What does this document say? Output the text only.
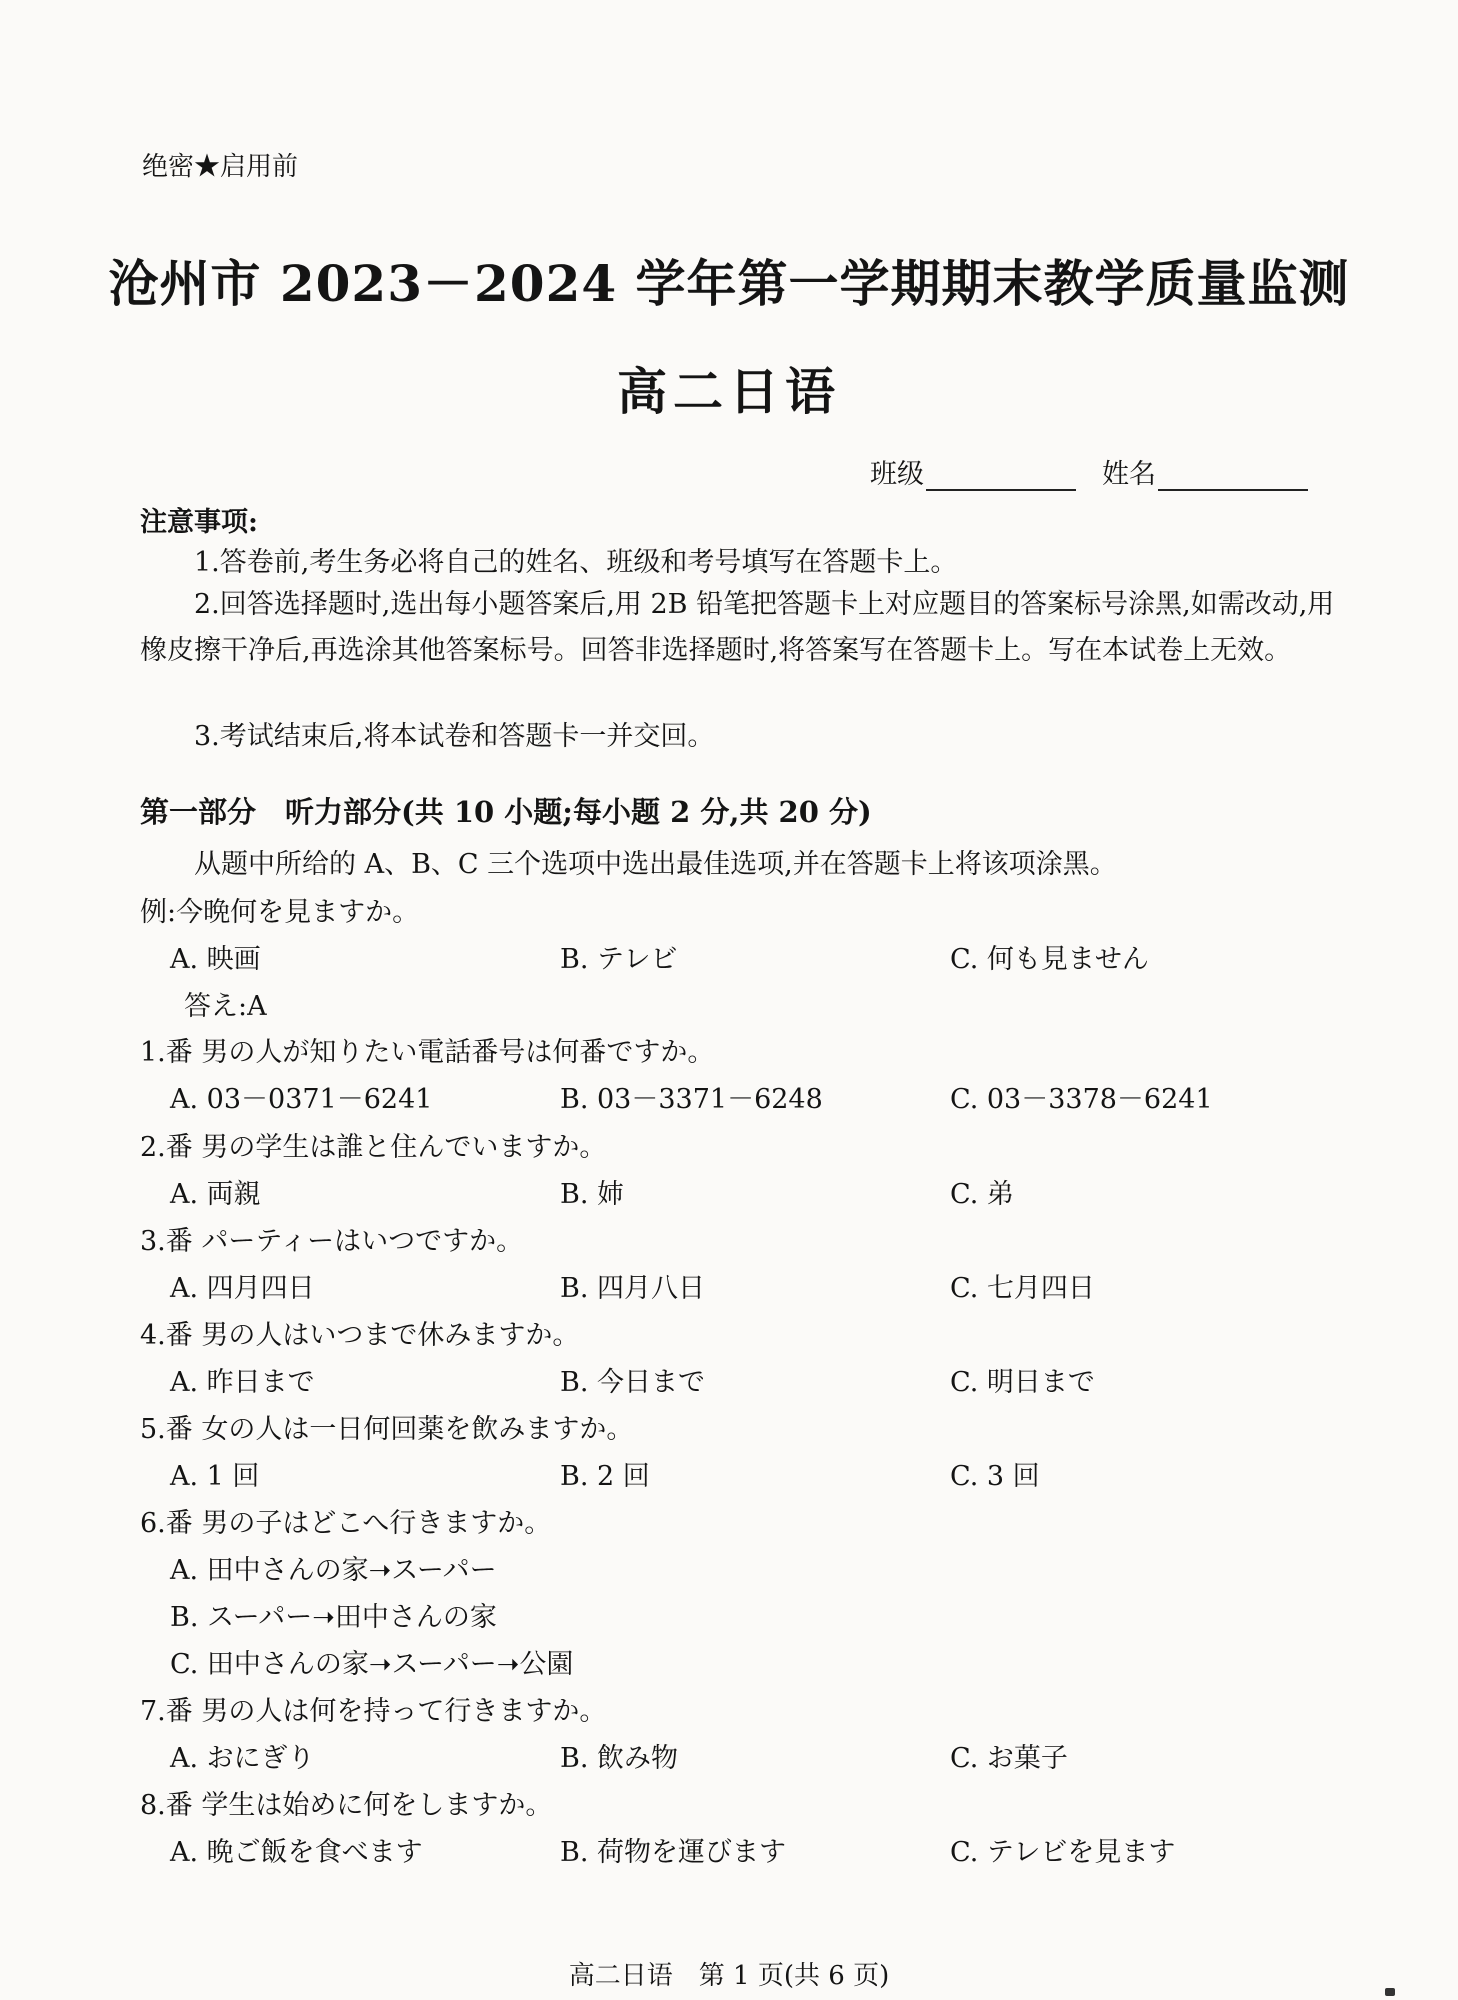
绝密★启用前
沧州市 2023－2024 学年第一学期期末教学质量监测
高二日语
班级	姓名
注意事项:
1.答卷前,考生务必将自己的姓名、班级和考号填写在答题卡上。
2.回答选择题时,选出每小题答案后,用 2B 铅笔把答题卡上对应题目的答案标号涂黑,如需改动,用橡皮擦干净后,再选涂其他答案标号。回答非选择题时,将答案写在答题卡上。写在本试卷上无效。
3.考试结束后,将本试卷和答题卡一并交回。
第一部分　听力部分(共 10 小题;每小题 2 分,共 20 分)
从题中所给的 A、B、C 三个选项中选出最佳选项,并在答题卡上将该项涂黑。
例:今晩何を見ますか。
A. 映画	B. テレビ	C. 何も見ません
答え:A
1.番 男の人が知りたい電話番号は何番ですか。
A. 03－0371－6241	B. 03－3371－6248	C. 03－3378－6241
2.番 男の学生は誰と住んでいますか。
A. 両親	B. 姉	C. 弟
3.番 パーティーはいつですか。
A. 四月四日	B. 四月八日	C. 七月四日
4.番 男の人はいつまで休みますか。
A. 昨日まで	B. 今日まで	C. 明日まで
5.番 女の人は一日何回薬を飲みますか。
A. 1 回	B. 2 回	C. 3 回
6.番 男の子はどこへ行きますか。
A. 田中さんの家➝スーパー
B. スーパー➝田中さんの家
C. 田中さんの家➝スーパー➝公園
7.番 男の人は何を持って行きますか。
A. おにぎり	B. 飲み物	C. お菓子
8.番 学生は始めに何をしますか。
A. 晩ご飯を食べます	B. 荷物を運びます	C. テレビを見ます
高二日语　第 1 页(共 6 页)
